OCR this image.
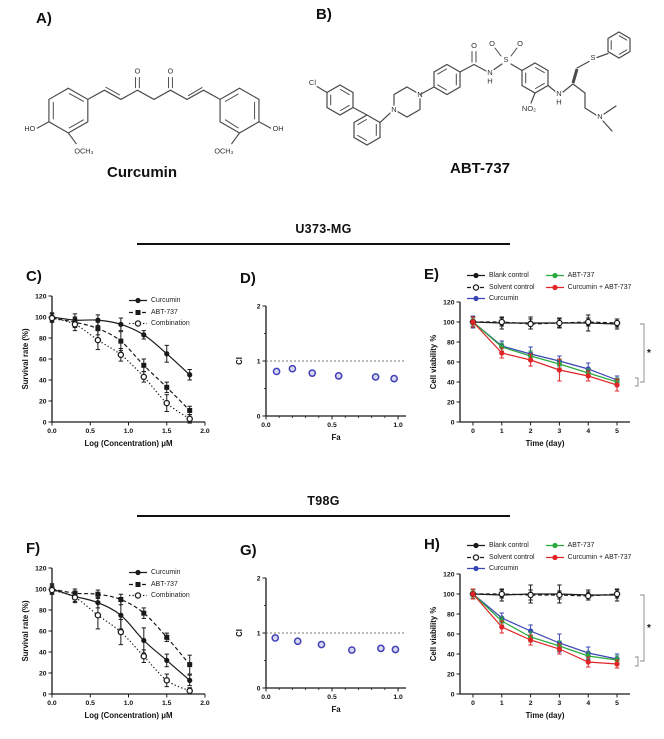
A)
HO
OCH₃
O	O
OH
OCH₃
Curcumin
B)
Cl
N
N
O
N
H
S
O	O
NO₂
N
H
S
N
ABT-737
U373-MG
C)
0.0	0.5	1.0	1.5	2.0
0
20
40
60
80
100
120
Log (Concentration) μM
Survival rate (%)
Curcumin
ABT-737
Combination
D)
0.0	0.5	1.0
0
1
2
Fa
CI
E)	Blank control
Solvent control
Curcumin
ABT-737
Curcumin + ABT-737
0	1	2	3	4	5
0
20
40
60
80
100
120
Time (day)
Cell viability %	*
T98G
F)
0.0	0.5	1.0	1.5	2.0
0
20
40
60
80
100
120
Log (Concentration) μM
Survival rate (%)
Curcumin
ABT-737
Combination
G)
0.0	0.5	1.0
0
1
2
Fa
CI
H)	Blank control
Solvent control
Curcumin
ABT-737
Curcumin + ABT-737
0	1	2	3	4	5
0
20
40
60
80
100
120
Time (day)
Cell viability %	*
